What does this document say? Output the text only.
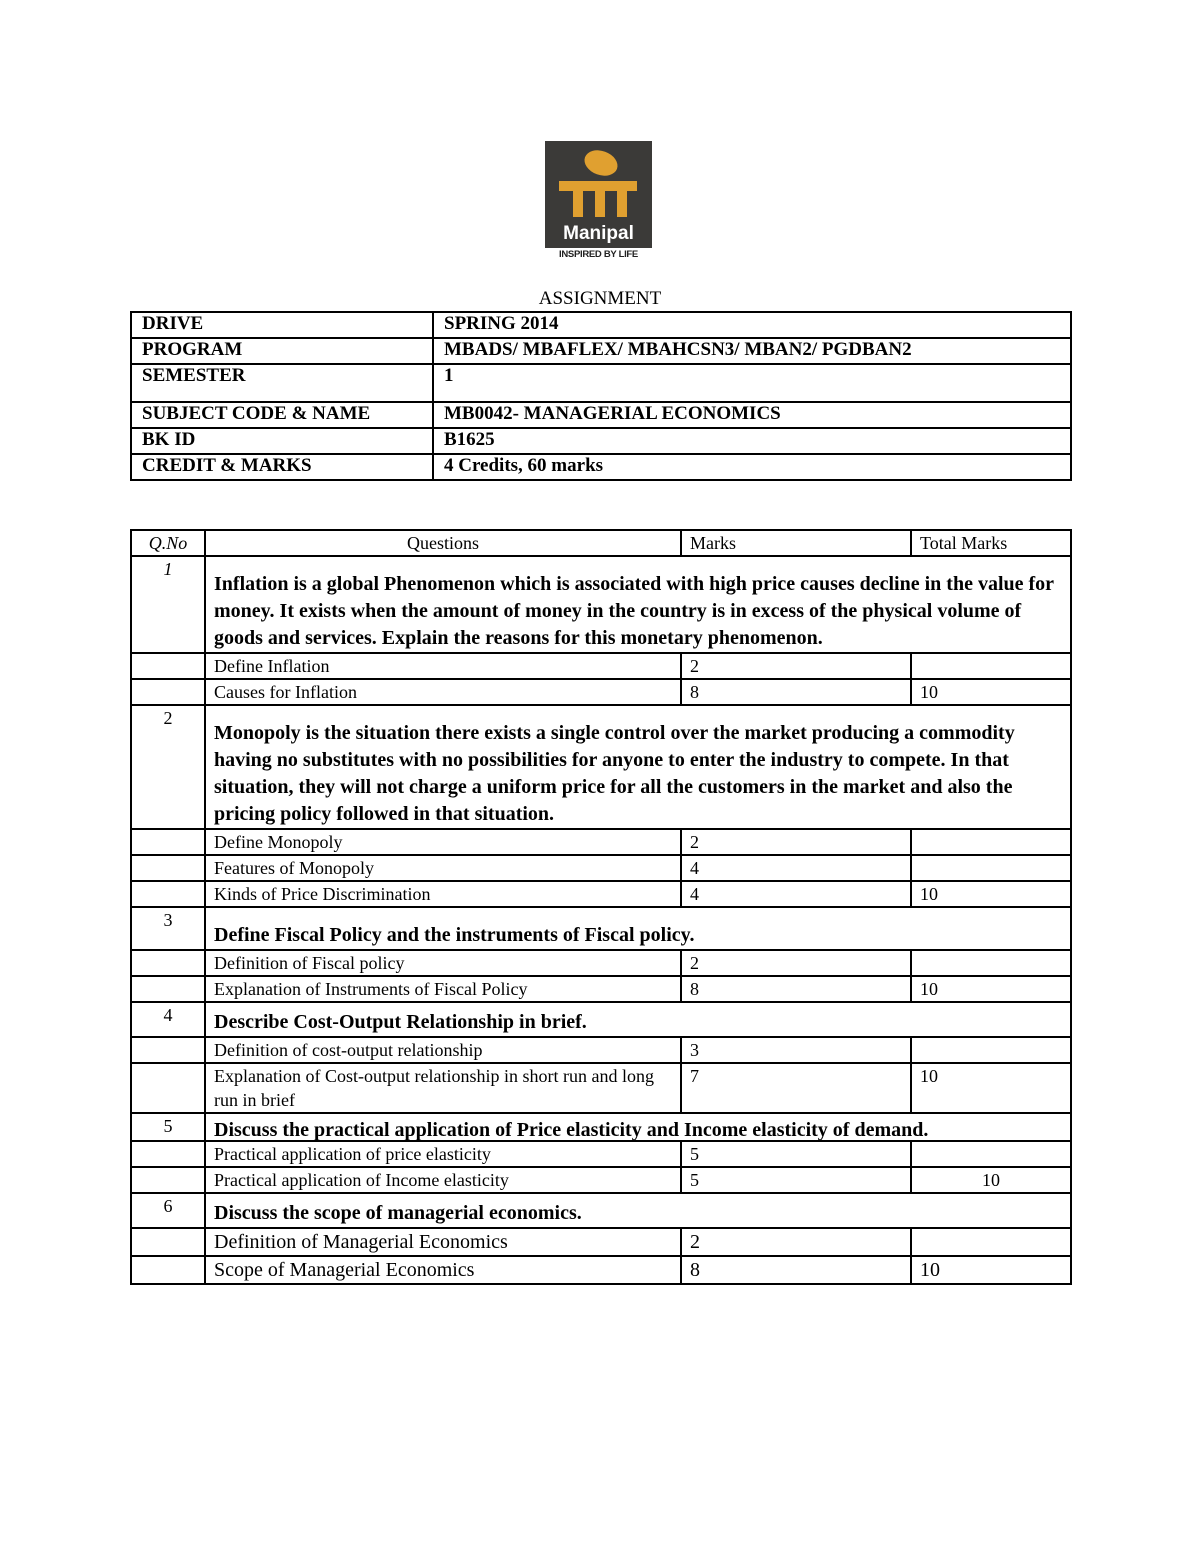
Manipal
INSPIRED BY LIFE
ASSIGNMENT
DRIVE	SPRING 2014
PROGRAM	MBADS/ MBAFLEX/ MBAHCSN3/ MBAN2/ PGDBAN2
SEMESTER	1
SUBJECT CODE & NAME	MB0042- MANAGERIAL ECONOMICS
BK ID	B1625
CREDIT & MARKS	4 Credits, 60 marks
Q.No	Questions	Marks	Total Marks
1	Inflation is a global Phenomenon which is associated with high price causes decline in the value for money. It exists when the amount of money in the country is in excess of the physical volume of goods and services. Explain the reasons for this monetary phenomenon.		

	Define Inflation	2	
	Causes for Inflation	8	10
2	Monopoly is the situation there exists a single control over the market producing a commodity having no substitutes with no possibilities for anyone to enter the industry to compete. In that situation, they will not charge a uniform price for all the customers in the market and also the pricing policy followed in that situation.		

	Define Monopoly	2	
	Features of Monopoly	4	
	Kinds of Price Discrimination	4	10
3	Define Fiscal Policy and the instruments of Fiscal policy.		

	Definition of Fiscal policy	2	
	Explanation of Instruments of Fiscal Policy	8	10
4	Describe Cost-Output Relationship in brief.		

	Definition of cost-output relationship	3	
	Explanation of Cost-output relationship in short run and long run in brief	7	10
5	Discuss the practical application of Price elasticity and Income elasticity of demand.		

	Practical application of price elasticity	5	
	Practical application of Income elasticity	5	10
6	Discuss the scope of managerial economics.		

	Definition of Managerial Economics	2	
	Scope of Managerial Economics	8	10
